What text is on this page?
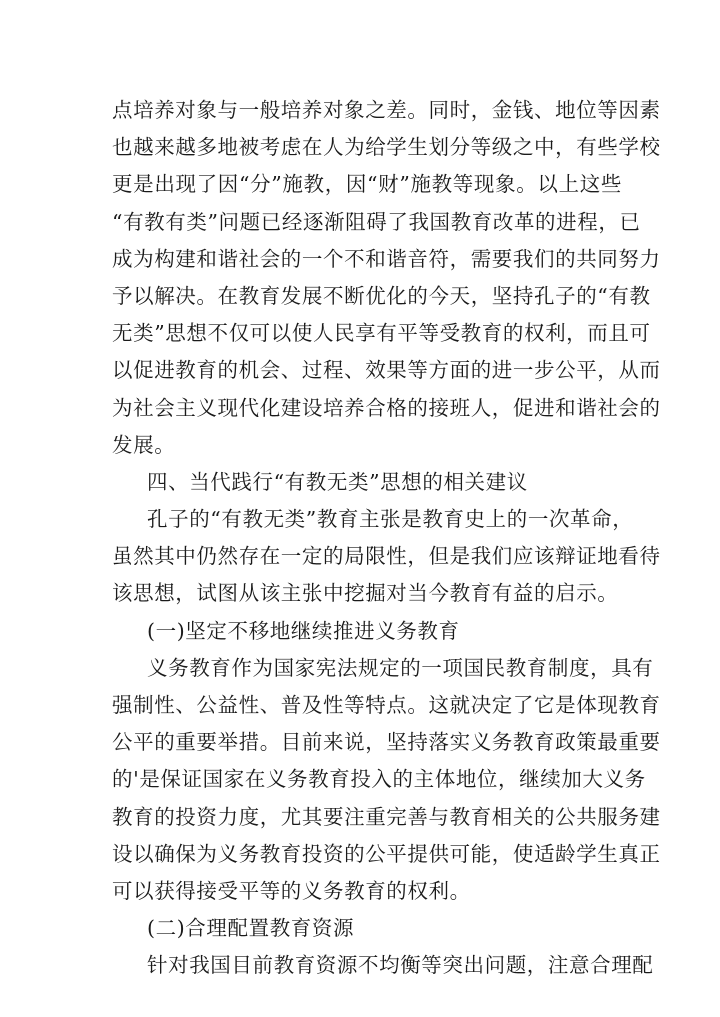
点培养对象与一般培养对象之差。同时，金钱、地位等因素
也越来越多地被考虑在人为给学生划分等级之中，有些学校
更是出现了因“分”施教，因“财”施教等现象。以上这些
“有教有类”问题已经逐渐阻碍了我国教育改革的进程，已
成为构建和谐社会的一个不和谐音符，需要我们的共同努力
予以解决。在教育发展不断优化的今天，坚持孔子的“有教
无类”思想不仅可以使人民享有平等受教育的权利，而且可
以促进教育的机会、过程、效果等方面的进一步公平，从而
为社会主义现代化建设培养合格的接班人，促进和谐社会的
发展。
四、当代践行“有教无类”思想的相关建议
孔子的“有教无类”教育主张是教育史上的一次革命，
虽然其中仍然存在一定的局限性，但是我们应该辩证地看待
该思想，试图从该主张中挖掘对当今教育有益的启示。
(一)坚定不移地继续推进义务教育
义务教育作为国家宪法规定的一项国民教育制度，具有
强制性、公益性、普及性等特点。这就决定了它是体现教育
公平的重要举措。目前来说，坚持落实义务教育政策最重要
的'是保证国家在义务教育投入的主体地位，继续加大义务
教育的投资力度，尤其要注重完善与教育相关的公共服务建
设以确保为义务教育投资的公平提供可能，使适龄学生真正
可以获得接受平等的义务教育的权利。
(二)合理配置教育资源
针对我国目前教育资源不均衡等突出问题，注意合理配
